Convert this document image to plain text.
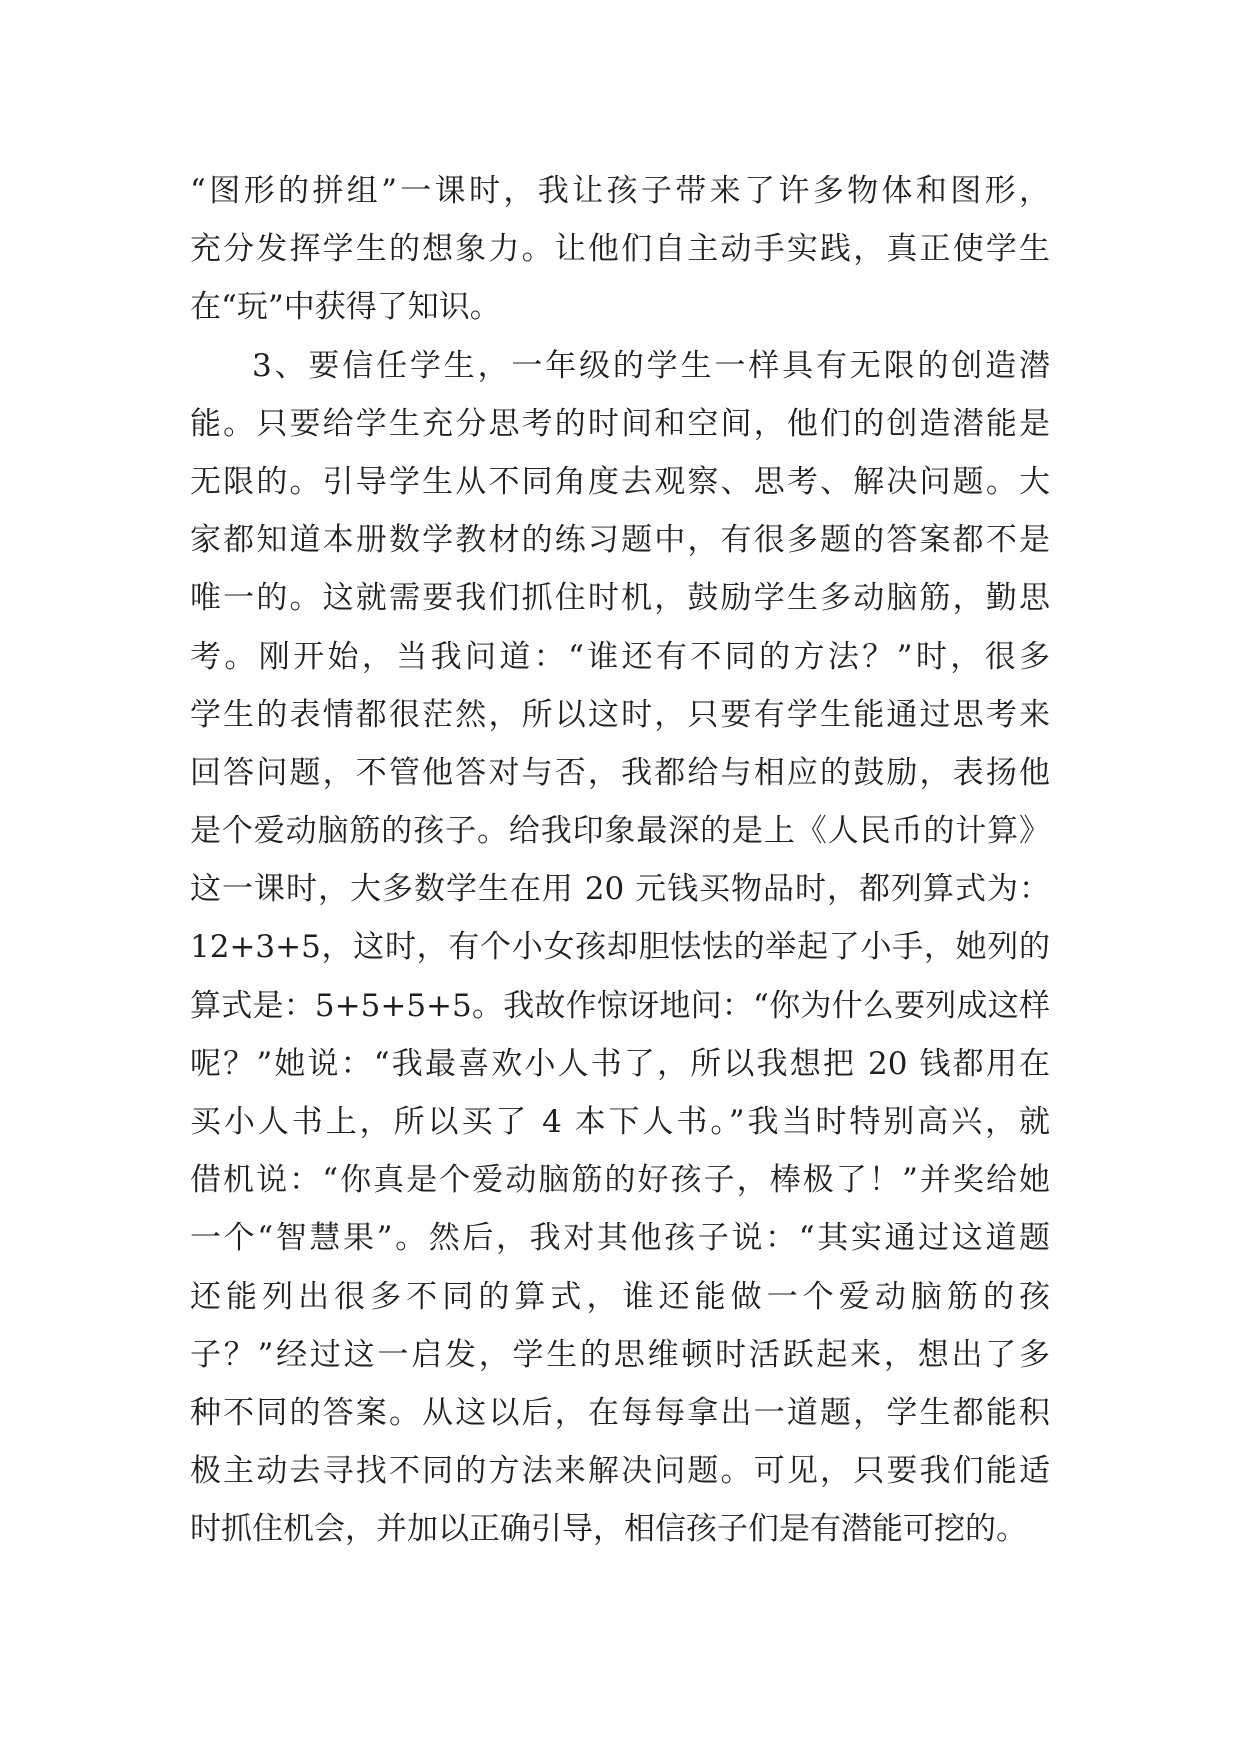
“图形的拼组”一课时，我让孩子带来了许多物体和图形，
充分发挥学生的想象力。让他们自主动手实践，真正使学生
在“玩”中获得了知识。
3、要信任学生，一年级的学生一样具有无限的创造潜
能。只要给学生充分思考的时间和空间，他们的创造潜能是
无限的。引导学生从不同角度去观察、思考、解决问题。大
家都知道本册数学教材的练习题中，有很多题的答案都不是
唯一的。这就需要我们抓住时机，鼓励学生多动脑筋，勤思
考。刚开始，当我问道：“谁还有不同的方法？”时，很多
学生的表情都很茫然，所以这时，只要有学生能通过思考来
回答问题，不管他答对与否，我都给与相应的鼓励，表扬他
是个爱动脑筋的孩子。给我印象最深的是上《人民币的计算》
这一课时，大多数学生在用 20 元钱买物品时，都列算式为：
12+3+5，这时，有个小女孩却胆怯怯的举起了小手，她列的
算式是：5+5+5+5。我故作惊讶地问：“你为什么要列成这样
呢？”她说：“我最喜欢小人书了，所以我想把 20 钱都用在
买小人书上，所以买了 4 本下人书。”我当时特别高兴，就
借机说：“你真是个爱动脑筋的好孩子，棒极了！”并奖给她
一个“智慧果”。然后，我对其他孩子说：“其实通过这道题
还能列出很多不同的算式，谁还能做一个爱动脑筋的孩
子？”经过这一启发，学生的思维顿时活跃起来，想出了多
种不同的答案。从这以后，在每每拿出一道题，学生都能积
极主动去寻找不同的方法来解决问题。可见，只要我们能适
时抓住机会，并加以正确引导，相信孩子们是有潜能可挖的。
